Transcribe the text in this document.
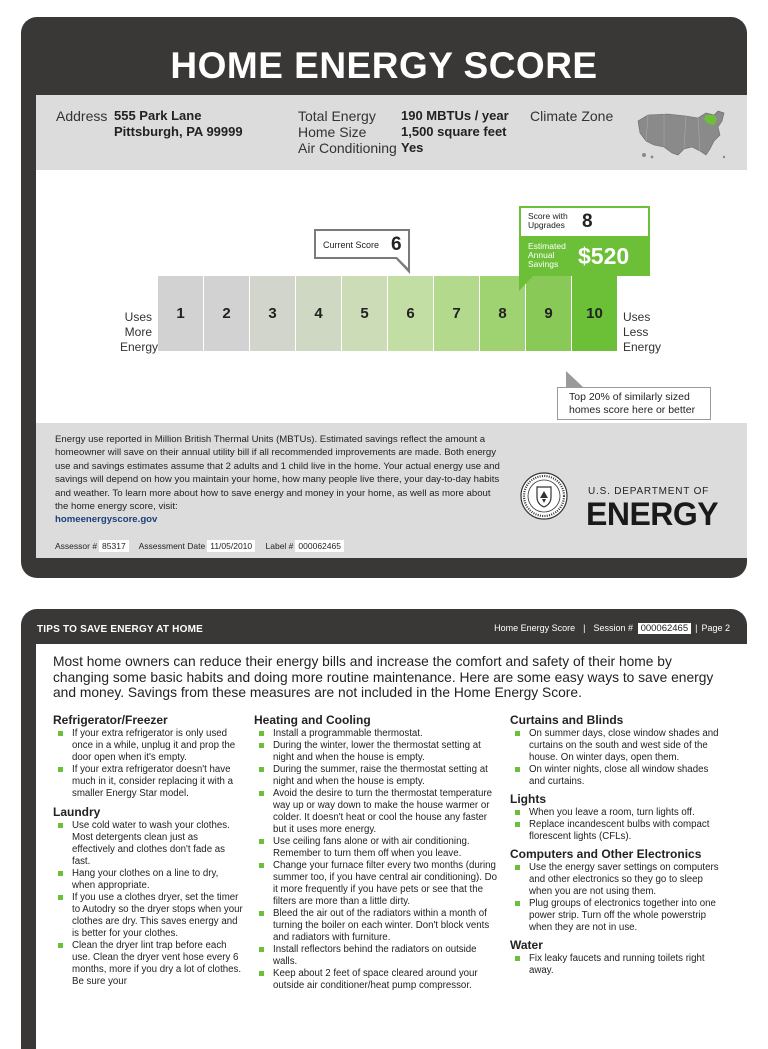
HOME ENERGY SCORE
Address 555 Park Lane
Pittsburgh, PA 99999
Total Energy 190 MBTUs / year
Home Size	1,500 square feet
Air Conditioning Yes
Climate Zone
Uses
More
Energy
1	2	3	4	5	6	7	8	9	10	Uses
Less
Energy
Current Score 6
Score with
Upgrades 8
Estimated
Annual
Savings $520
Top 20% of similarly sized
homes score here or better
Energy use reported in Million British Thermal Units (MBTUs). Estimated savings reflect the amount a homeowner will save on their annual utility bill if all recommended improvements are made. Both energy use and savings estimates assume that 2 adults and 1 child live in the home. Your actual energy use and savings will depend on how you maintain your home, how many people live there, your day-to-day habits and weather. To learn more about how to save energy and money in your home, as well as more about the home energy score, visit:
homeenergyscore.gov
Assessor # 85317 Assessment Date 11/05/2010 Label # 000062465
U.S. DEPARTMENT OF
ENERGY
TIPS TO SAVE ENERGY AT HOME	Home Energy Score | Session # 000062465 | Page 2
Most home owners can reduce their energy bills and increase the comfort and safety of their home by changing some basic habits and doing more routine maintenance. Here are some easy ways to save energy and money. Savings from these measures are not included in the Home Energy Score.
Refrigerator/Freezer
If your extra refrigerator is only used once in a while, unplug it and prop the door open when it's empty.
If your extra refrigerator doesn't have much in it, consider replacing it with a smaller Energy Star model.
Laundry
Use cold water to wash your clothes. Most detergents clean just as effectively and clothes don't fade as fast.
Hang your clothes on a line to dry, when appropriate.
If you use a clothes dryer, set the timer to Autodry so the dryer stops when your clothes are dry. This saves energy and is better for your clothes.
Clean the dryer lint trap before each use. Clean the dryer vent hose every 6 months, more if you dry a lot of clothes. Be sure your
Heating and Cooling
Install a programmable thermostat.
During the winter, lower the thermostat setting at night and when the house is empty.
During the summer, raise the thermostat setting at night and when the house is empty.
Avoid the desire to turn the thermostat temperature way up or way down to make the house warmer or colder. It doesn't heat or cool the house any faster but it uses more energy.
Use ceiling fans alone or with air conditioning. Remember to turn them off when you leave.
Change your furnace filter every two months (during summer too, if you have central air conditioning). Do it more frequently if you have pets or see that the filters are more than a little dirty.
Bleed the air out of the radiators within a month of turning the boiler on each winter. Don't block vents and radiators with furniture.
Install reflectors behind the radiators on outside walls.
Keep about 2 feet of space cleared around your outside air conditioner/heat pump compressor.
Curtains and Blinds
On summer days, close window shades and curtains on the south and west side of the house. On winter days, open them.
On winter nights, close all window shades and curtains.
Lights
When you leave a room, turn lights off.
Replace incandescent bulbs with compact florescent lights (CFLs).
Computers and Other Electronics
Use the energy saver settings on computers and other electronics so they go to sleep when you are not using them.
Plug groups of electronics together into one power strip. Turn off the whole powerstrip when they are not in use.
Water
Fix leaky faucets and running toilets right away.
